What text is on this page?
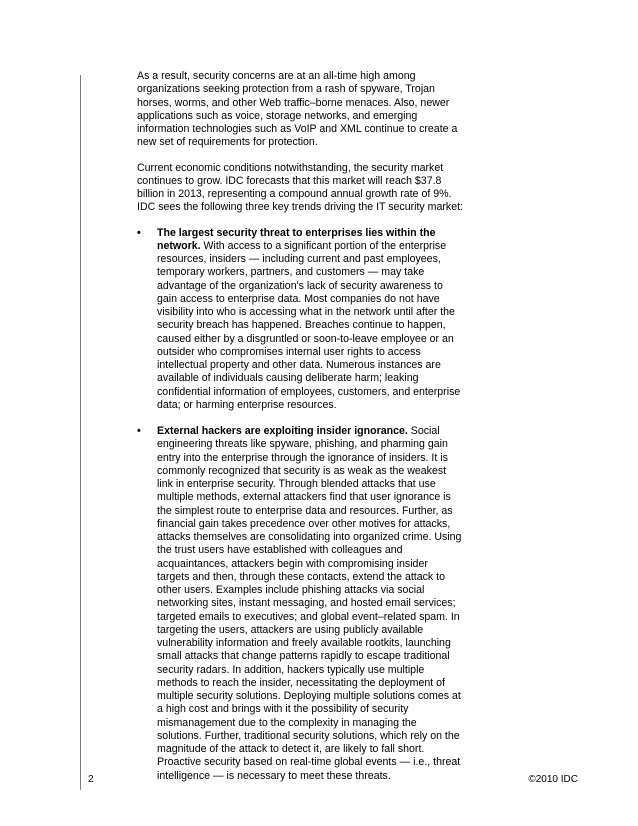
As a result, security concerns are at an all-time high among organizations seeking protection from a rash of spyware, Trojan horses, worms, and other Web traffic–borne menaces. Also, newer applications such as voice, storage networks, and emerging information technologies such as VoIP and XML continue to create a new set of requirements for protection.

Current economic conditions notwithstanding, the security market continues to grow. IDC forecasts that this market will reach $37.8 billion in 2013, representing a compound annual growth rate of 9%. IDC sees the following three key trends driving the IT security market:

• The largest security threat to enterprises lies within the network. With access to a significant portion of the enterprise resources, insiders — including current and past employees, temporary workers, partners, and customers — may take advantage of the organization's lack of security awareness to gain access to enterprise data. Most companies do not have visibility into who is accessing what in the network until after the security breach has happened. Breaches continue to happen, caused either by a disgruntled or soon-to-leave employee or an outsider who compromises internal user rights to access intellectual property and other data. Numerous instances are available of individuals causing deliberate harm; leaking confidential information of employees, customers, and enterprise data; or harming enterprise resources.
• External hackers are exploiting insider ignorance. Social engineering threats like spyware, phishing, and pharming gain entry into the enterprise through the ignorance of insiders. It is commonly recognized that security is as weak as the weakest link in enterprise security. Through blended attacks that use multiple methods, external attackers find that user ignorance is the simplest route to enterprise data and resources. Further, as financial gain takes precedence over other motives for attacks, attacks themselves are consolidating into organized crime. Using the trust users have established with colleagues and acquaintances, attackers begin with compromising insider targets and then, through these contacts, extend the attack to other users. Examples include phishing attacks via social networking sites, instant messaging, and hosted email services; targeted emails to executives; and global event–related spam. In targeting the users, attackers are using publicly available vulnerability information and freely available rootkits, launching small attacks that change patterns rapidly to escape traditional security radars. In addition, hackers typically use multiple methods to reach the insider, necessitating the deployment of multiple security solutions. Deploying multiple solutions comes at a high cost and brings with it the possibility of security mismanagement due to the complexity in managing the solutions. Further, traditional security solutions, which rely on the magnitude of the attack to detect it, are likely to fall short. Proactive security based on real-time global events — i.e., threat intelligence — is necessary to meet these threats.
2	©2010 IDC
